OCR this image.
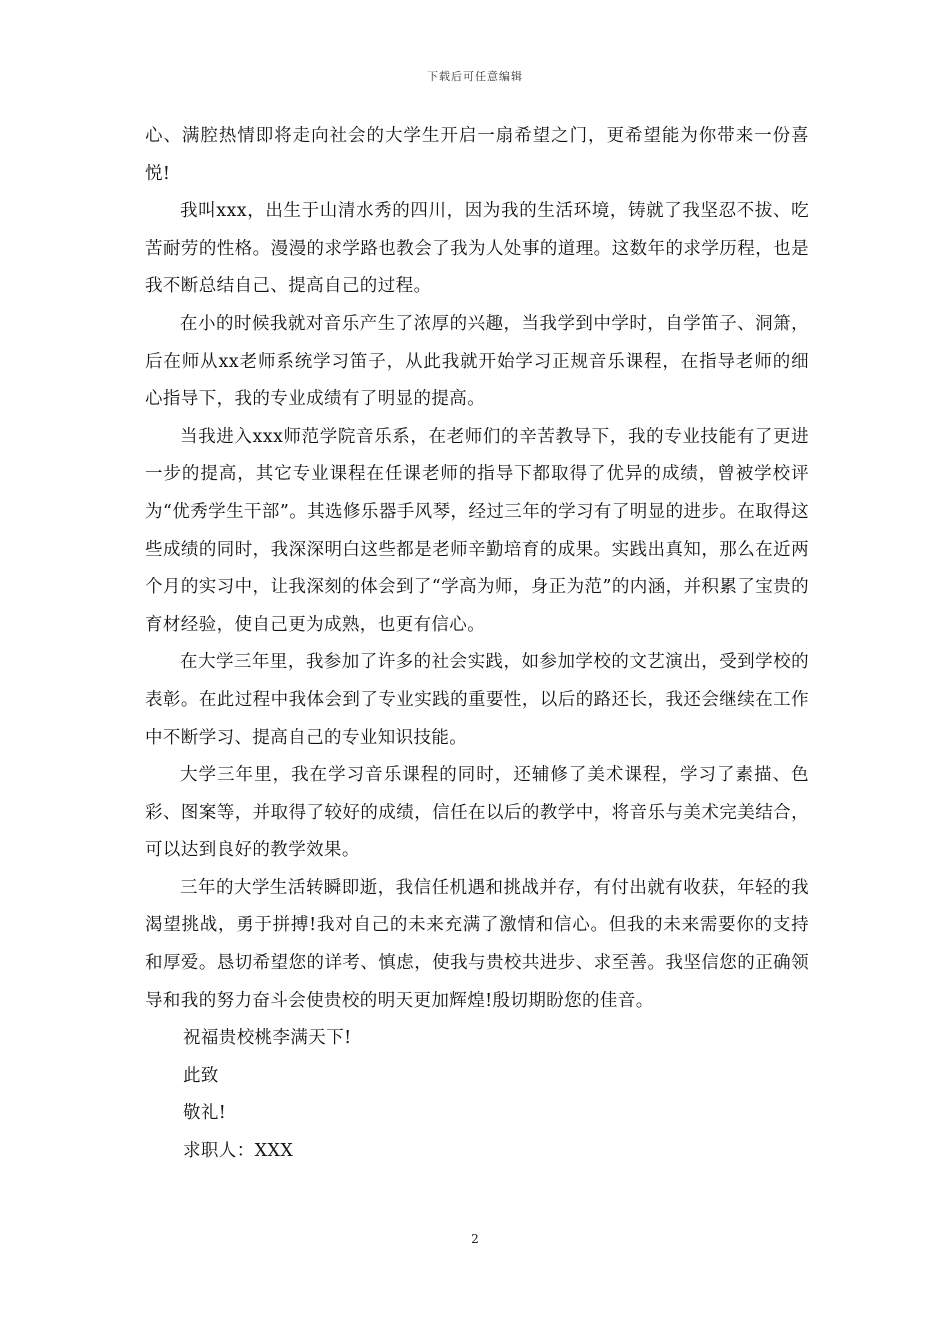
下载后可任意编辑

心、满腔热情即将走向社会的大学生开启一扇希望之门，更希望能为你带来一份喜悦!

我叫xxx，出生于山清水秀的四川，因为我的生活环境，铸就了我坚忍不拔、吃苦耐劳的性格。漫漫的求学路也教会了我为人处事的道理。这数年的求学历程，也是我不断总结自己、提高自己的过程。

在小的时候我就对音乐产生了浓厚的兴趣，当我学到中学时，自学笛子、洞箫，后在师从xx老师系统学习笛子，从此我就开始学习正规音乐课程，在指导老师的细心指导下，我的专业成绩有了明显的提高。

当我进入xxx师范学院音乐系，在老师们的辛苦教导下，我的专业技能有了更进一步的提高，其它专业课程在任课老师的指导下都取得了优异的成绩，曾被学校评为“优秀学生干部”。其选修乐器手风琴，经过三年的学习有了明显的进步。在取得这些成绩的同时，我深深明白这些都是老师辛勤培育的成果。实践出真知，那么在近两个月的实习中，让我深刻的体会到了“学高为师，身正为范”的内涵，并积累了宝贵的育材经验，使自己更为成熟，也更有信心。

在大学三年里，我参加了许多的社会实践，如参加学校的文艺演出，受到学校的表彰。在此过程中我体会到了专业实践的重要性，以后的路还长，我还会继续在工作中不断学习、提高自己的专业知识技能。

大学三年里，我在学习音乐课程的同时，还辅修了美术课程，学习了素描、色彩、图案等，并取得了较好的成绩，信任在以后的教学中，将音乐与美术完美结合，可以达到良好的教学效果。

三年的大学生活转瞬即逝，我信任机遇和挑战并存，有付出就有收获，年轻的我渴望挑战，勇于拼搏!我对自己的未来充满了激情和信心。但我的未来需要你的支持和厚爱。恳切希望您的详考、慎虑，使我与贵校共进步、求至善。我坚信您的正确领导和我的努力奋斗会使贵校的明天更加辉煌!殷切期盼您的佳音。

祝福贵校桃李满天下!

此致

敬礼!

求职人：XXX

2
